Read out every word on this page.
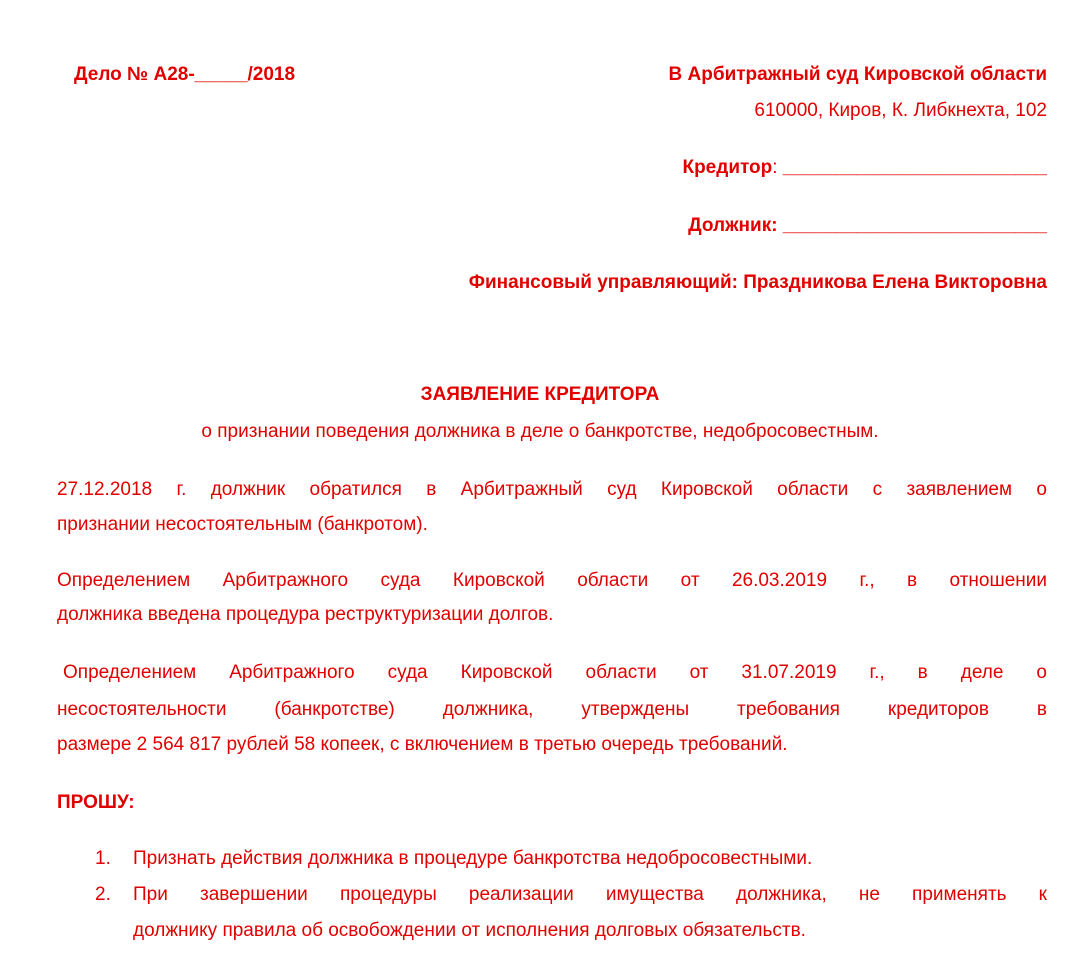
Дело № А28-_____/2018	В Арбитражный суд Кировской области
610000, Киров, К. Либкнехта, 102
Кредитор: _________________________
Должник: _________________________
Финансовый управляющий: Праздникова Елена Викторовна
ЗАЯВЛЕНИЕ КРЕДИТОРА
о признании поведения должника в деле о банкротстве, недобросовестным.
27.12.2018 г. должник обратился в Арбитражный суд Кировской области с заявлением о
признании несостоятельным (банкротом).
Определением Арбитражного суда Кировской области от 26.03.2019 г., в отношении
должника введена процедура реструктуризации долгов.
Определением Арбитражного суда Кировской области от 31.07.2019 г., в деле о
несостоятельности (банкротстве) должника, утверждены требования кредиторов в
размере 2 564 817 рублей 58 копеек, с включением в третью очередь требований.
ПРОШУ:
1. Признать действия должника в процедуре банкротства недобросовестными.
2. При завершении процедуры реализации имущества должника, не применять к
должнику правила об освобождении от исполнения долговых обязательств.
